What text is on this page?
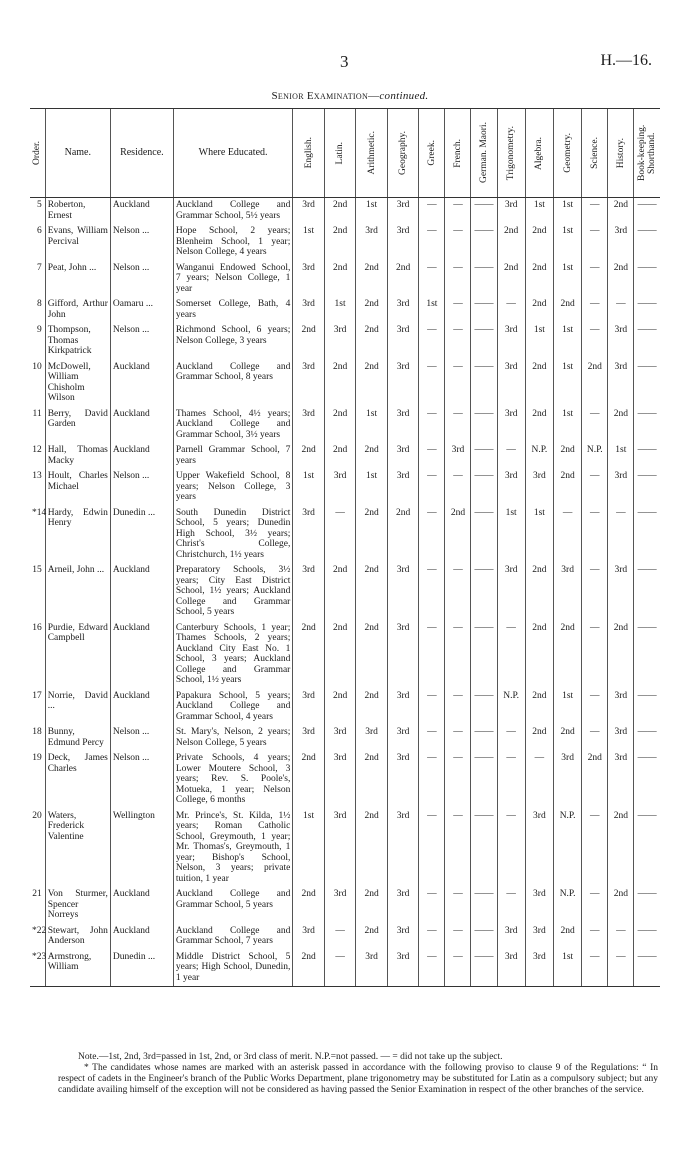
3	H.—16.
Senior Examination—continued.
Order.	Name.	Residence.	Where Educated.	English.	Latin.	Arithmetic.	Geography.	Greek.	French.	German. Maori.	Trigonometry.	Algebra.	Geometry.	Science.	History.	Book-keeping. Shorthand.

5	Roberton, Ernest	Auckland	Auckland College and Grammar School, 5½ years	3rd	2nd	1st	3rd	—	—	——	3rd	1st	1st	—	2nd	——
6	Evans, William Percival	Nelson ...	Hope School, 2 years; Blenheim School, 1 year; Nelson College, 4 years	1st	2nd	3rd	3rd	—	—	——	2nd	2nd	1st	—	3rd	——
7	Peat, John ...	Nelson ...	Wanganui Endowed School, 7 years; Nelson College, 1 year	3rd	2nd	2nd	2nd	—	—	——	2nd	2nd	1st	—	2nd	——
8	Gifford, Arthur John	Oamaru ...	Somerset College, Bath, 4 years	3rd	1st	2nd	3rd	1st	—	——	—	2nd	2nd	—	—	——
9	Thompson, Thomas Kirkpatrick	Nelson ...	Richmond School, 6 years; Nelson College, 3 years	2nd	3rd	2nd	3rd	—	—	——	3rd	1st	1st	—	3rd	——
10	McDowell, William Chisholm Wilson	Auckland	Auckland College and Grammar School, 8 years	3rd	2nd	2nd	3rd	—	—	——	3rd	2nd	1st	2nd	3rd	——
11	Berry, David Garden	Auckland	Thames School, 4½ years; Auckland College and Grammar School, 3½ years	3rd	2nd	1st	3rd	—	—	——	3rd	2nd	1st	—	2nd	——
12	Hall, Thomas Macky	Auckland	Parnell Grammar School, 7 years	2nd	2nd	2nd	3rd	—	3rd	——	—	N.P.	2nd	N.P.	1st	——
13	Hoult, Charles Michael	Nelson ...	Upper Wakefield School, 8 years; Nelson College, 3 years	1st	3rd	1st	3rd	—	—	——	3rd	3rd	2nd	—	3rd	——
*14	Hardy, Edwin Henry	Dunedin ...	South Dunedin District School, 5 years; Dunedin High School, 3½ years; Christ's College, Christchurch, 1½ years	3rd	—	2nd	2nd	—	2nd	——	1st	1st	—	—	—	——
15	Arneil, John ...	Auckland	Preparatory Schools, 3½ years; City East District School, 1½ years; Auckland College and Grammar School, 5 years	3rd	2nd	2nd	3rd	—	—	——	3rd	2nd	3rd	—	3rd	——
16	Purdie, Edward Campbell	Auckland	Canterbury Schools, 1 year; Thames Schools, 2 years; Auckland City East No. 1 School, 3 years; Auckland College and Grammar School, 1½ years	2nd	2nd	2nd	3rd	—	—	——	—	2nd	2nd	—	2nd	——
17	Norrie, David ...	Auckland	Papakura School, 5 years; Auckland College and Grammar School, 4 years	3rd	2nd	2nd	3rd	—	—	——	N.P.	2nd	1st	—	3rd	——
18	Bunny, Edmund Percy	Nelson ...	St. Mary's, Nelson, 2 years; Nelson College, 5 years	3rd	3rd	3rd	3rd	—	—	——	—	2nd	2nd	—	3rd	——
19	Deck, James Charles	Nelson ...	Private Schools, 4 years; Lower Moutere School, 3 years; Rev. S. Poole's, Motueka, 1 year; Nelson College, 6 months	2nd	3rd	2nd	3rd	—	—	——	—	—	3rd	2nd	3rd	——
20	Waters, Frederick Valentine	Wellington	Mr. Prince's, St. Kilda, 1½ years; Roman Catholic School, Greymouth, 1 year; Mr. Thomas's, Greymouth, 1 year; Bishop's School, Nelson, 3 years; private tuition, 1 year	1st	3rd	2nd	3rd	—	—	——	—	3rd	N.P.	—	2nd	——
21	Von Sturmer, Spencer Norreys	Auckland	Auckland College and Grammar School, 5 years	2nd	3rd	2nd	3rd	—	—	——	—	3rd	N.P.	—	2nd	——
*22	Stewart, John Anderson	Auckland	Auckland College and Grammar School, 7 years	3rd	—	2nd	3rd	—	—	——	3rd	3rd	2nd	—	—	——
*23	Armstrong, William	Dunedin ...	Middle District School, 5 years; High School, Dunedin, 1 year	2nd	—	3rd	3rd	—	—	——	3rd	3rd	1st	—	—	——

Note.—1st, 2nd, 3rd=passed in 1st, 2nd, or 3rd class of merit. N.P.=not passed. — = did not take up the subject.

* The candidates whose names are marked with an asterisk passed in accordance with the following proviso to clause 9 of the Regulations: “ In respect of cadets in the Engineer's branch of the Public Works Department, plane trigonometry may be substituted for Latin as a compulsory subject; but any candidate availing himself of the exception will not be considered as having passed the Senior Examination in respect of the other branches of the service.
